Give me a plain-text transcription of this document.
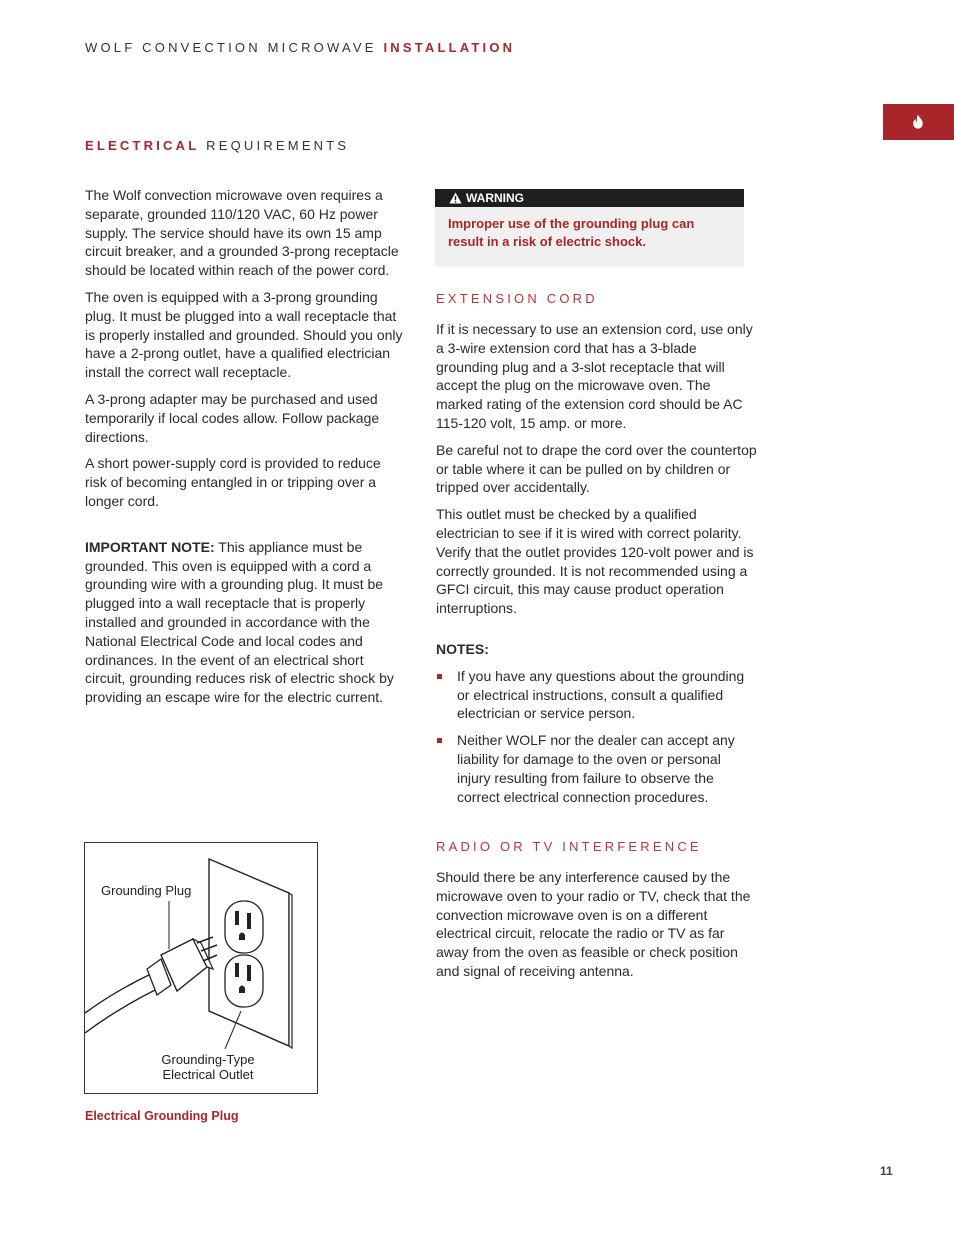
WOLF CONVECTION MICROWAVE INSTALLATION
ELECTRICAL REQUIREMENTS

The Wolf convection microwave oven requires a separate, grounded 110/120 VAC, 60 Hz power supply. The service should have its own 15 amp circuit breaker, and a grounded 3-prong receptacle should be located within reach of the power cord.

The oven is equipped with a 3-prong grounding plug. It must be plugged into a wall receptacle that is properly installed and grounded. Should you only have a 2-prong outlet, have a qualified electrician install the correct wall receptacle.

A 3-prong adapter may be purchased and used temporarily if local codes allow. Follow package directions.

A short power-supply cord is provided to reduce risk of becoming entangled in or tripping over a longer cord.

IMPORTANT NOTE: This appliance must be grounded. This oven is equipped with a cord a grounding wire with a grounding plug. It must be plugged into a wall receptacle that is properly installed and grounded in accordance with the National Electrical Code and local codes and ordinances. In the event of an electrical short circuit, grounding reduces risk of electric shock by providing an escape wire for the electric current.

WARNING
Improper use of the grounding plug can result in a risk of electric shock.
EXTENSION CORD

If it is necessary to use an extension cord, use only a 3-wire extension cord that has a 3-blade grounding plug and a 3-slot receptacle that will accept the plug on the microwave oven. The marked rating of the extension cord should be AC 115-120 volt, 15 amp. or more.

Be careful not to drape the cord over the countertop or table where it can be pulled on by children or tripped over accidentally.

This outlet must be checked by a qualified electrician to see if it is wired with correct polarity. Verify that the outlet provides 120-volt power and is correctly grounded. It is not recommended using a GFCI circuit, this may cause product operation interruptions.

NOTES:

If you have any questions about the grounding or electrical instructions, consult a qualified electrician or service person.
Neither WOLF nor the dealer can accept any liability for damage to the oven or personal injury resulting from failure to observe the correct electrical connection procedures.
RADIO OR TV INTERFERENCE

Should there be any interference caused by the microwave oven to your radio or TV, check that the convection microwave oven is on a different electrical circuit, relocate the radio or TV as far away from the oven as feasible or check position and signal of receiving antenna.

Grounding Plug
Grounding-Type
Electrical Outlet
Electrical Grounding Plug
11
